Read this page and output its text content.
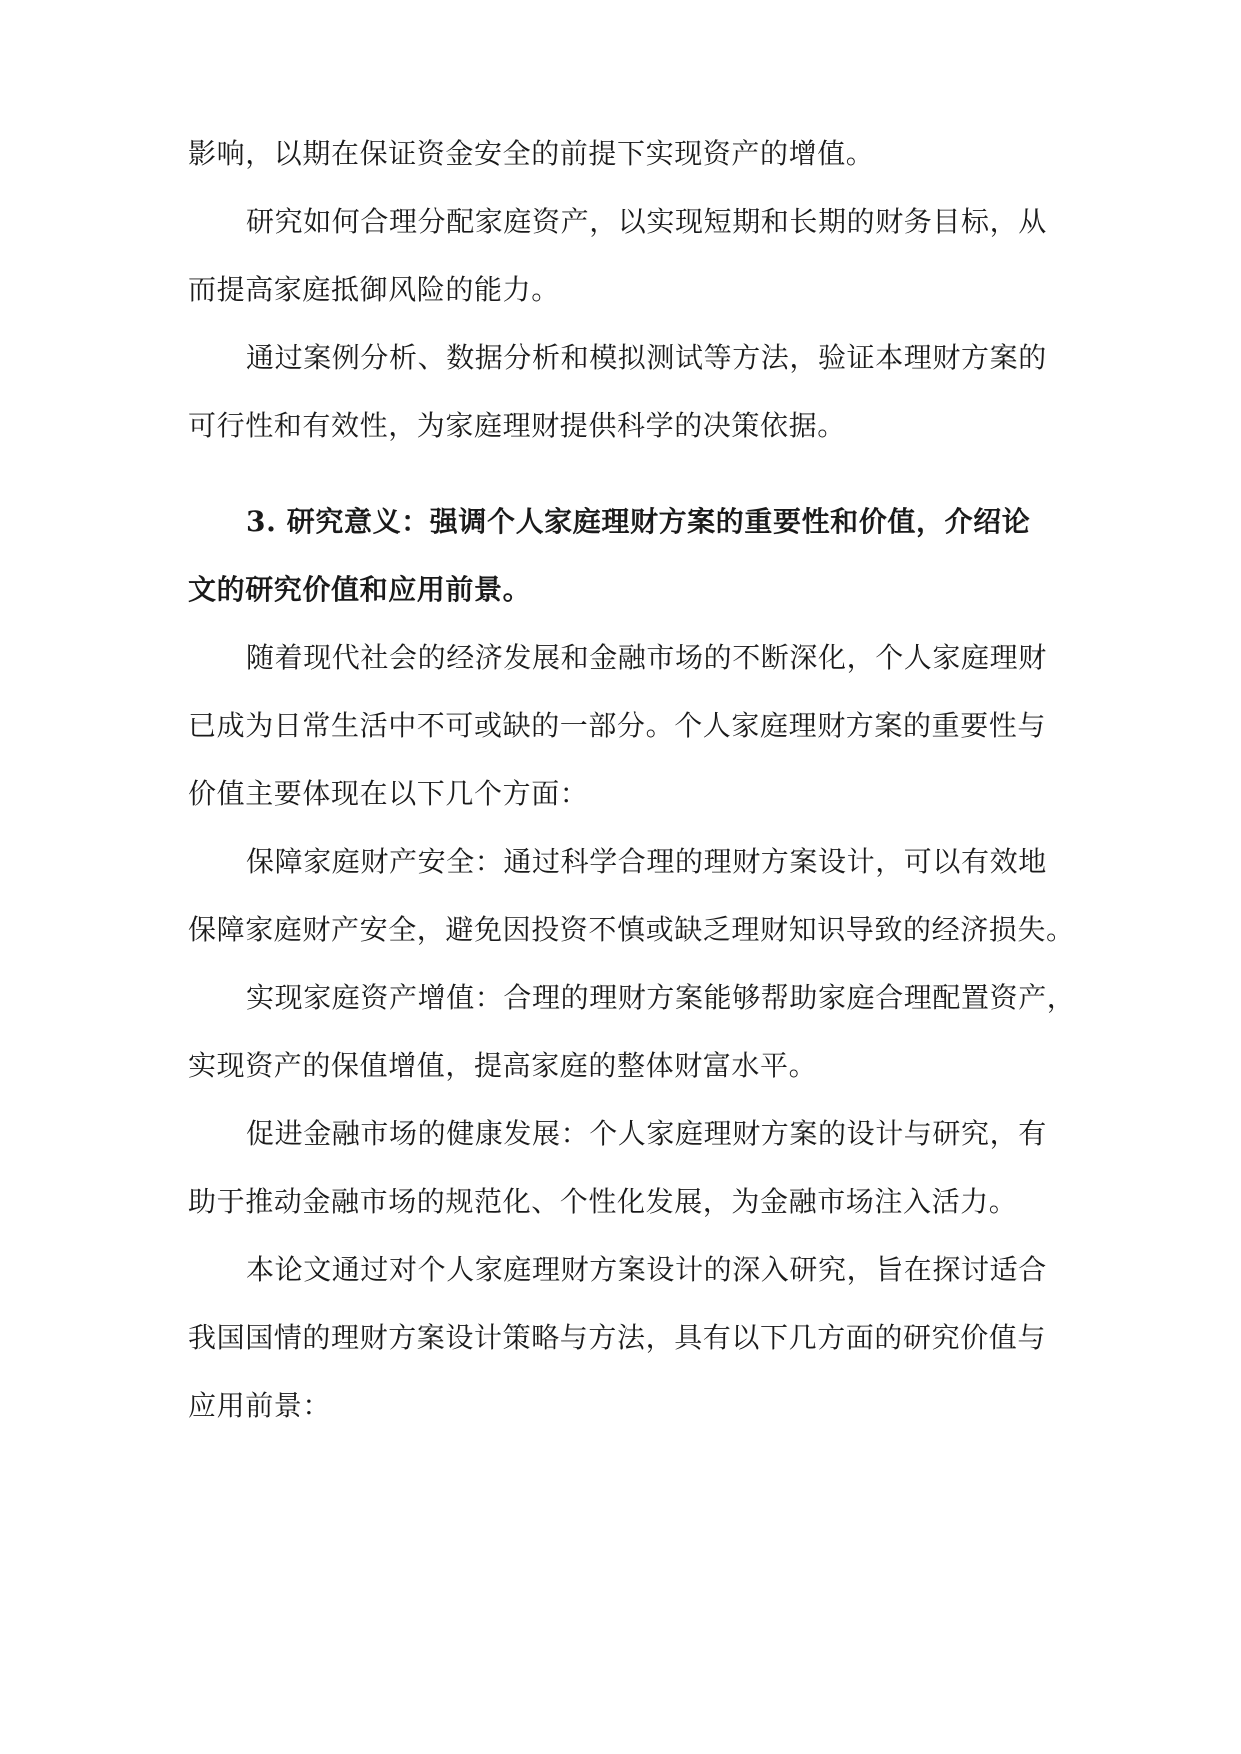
影响，以期在保证资金安全的前提下实现资产的增值。
研究如何合理分配家庭资产，以实现短期和长期的财务目标，从
而提高家庭抵御风险的能力。
通过案例分析、数据分析和模拟测试等方法，验证本理财方案的
可行性和有效性，为家庭理财提供科学的决策依据。
3. 研究意义：强调个人家庭理财方案的重要性和价值，介绍论
文的研究价值和应用前景。
随着现代社会的经济发展和金融市场的不断深化，个人家庭理财
已成为日常生活中不可或缺的一部分。个人家庭理财方案的重要性与
价值主要体现在以下几个方面：
保障家庭财产安全：通过科学合理的理财方案设计，可以有效地
保障家庭财产安全，避免因投资不慎或缺乏理财知识导致的经济损失。
实现家庭资产增值：合理的理财方案能够帮助家庭合理配置资产，
实现资产的保值增值，提高家庭的整体财富水平。
促进金融市场的健康发展：个人家庭理财方案的设计与研究，有
助于推动金融市场的规范化、个性化发展，为金融市场注入活力。
本论文通过对个人家庭理财方案设计的深入研究，旨在探讨适合
我国国情的理财方案设计策略与方法，具有以下几方面的研究价值与
应用前景：
